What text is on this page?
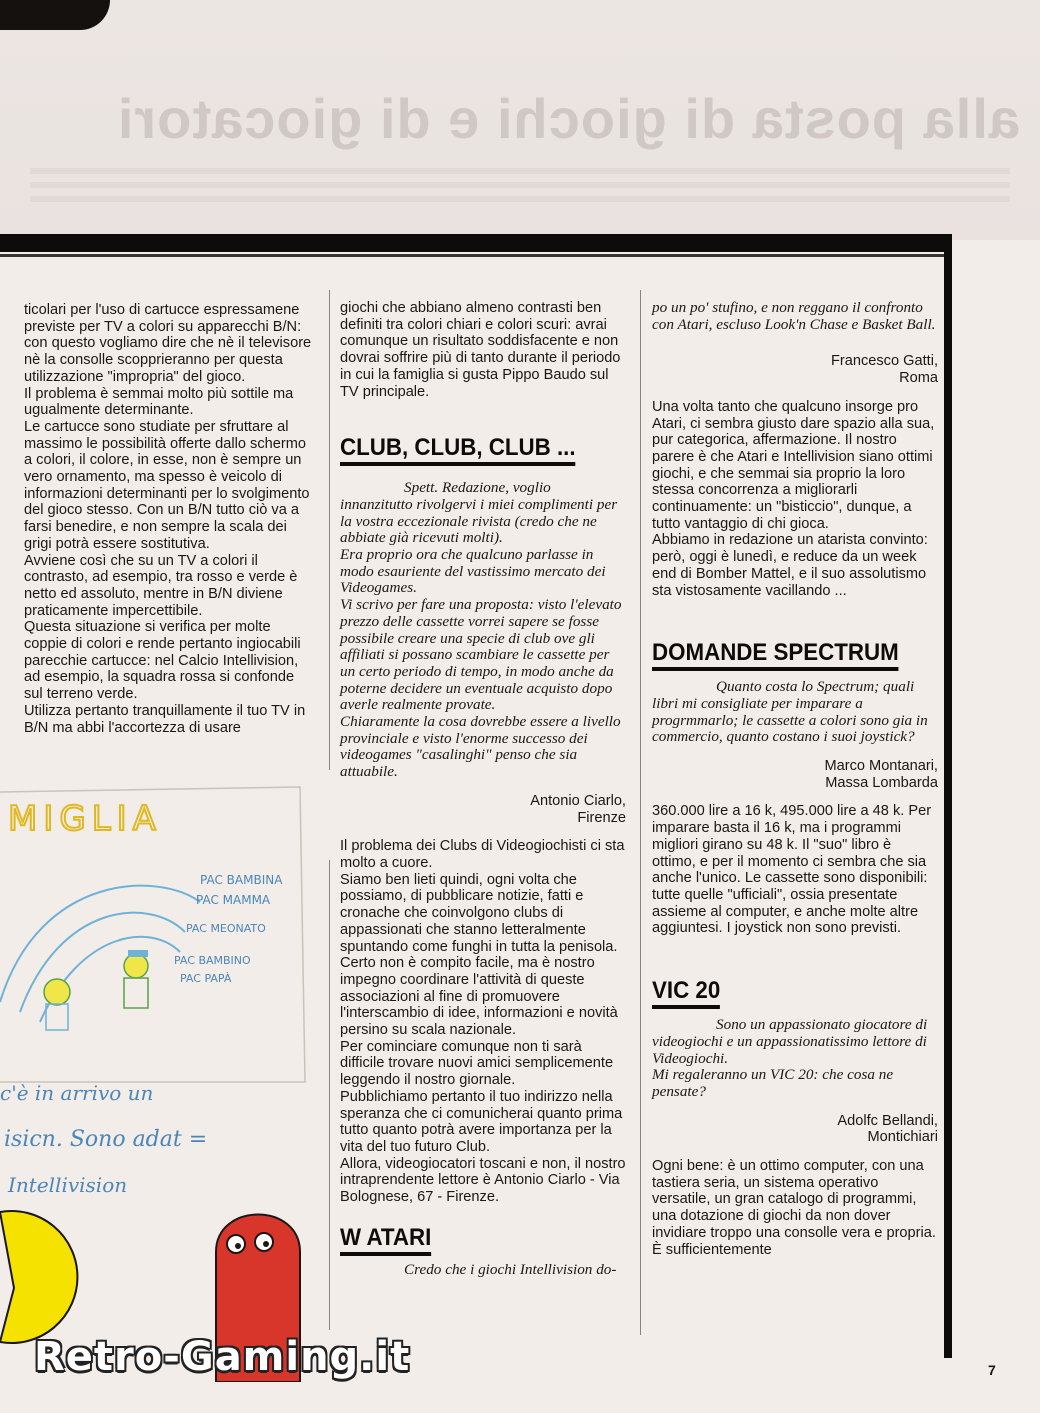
alla posta di giochi e di giocatori

ticolari per l'uso di cartucce espressamene previste per TV a colori su apparecchi B/N: con questo vogliamo dire che nè il televisore nè la consolle scopprieranno per questa utilizzazione "impropria" del gioco.

Il problema è semmai molto più sottile ma ugualmente determinante.

Le cartucce sono studiate per sfruttare al massimo le possibilità offerte dallo schermo a colori, il colore, in esse, non è sempre un vero ornamento, ma spesso è veicolo di informazioni determinanti per lo svolgimento del gioco stesso. Con un B/N tutto ciò va a farsi benedire, e non sempre la scala dei grigi potrà essere sostitutiva.

Avviene così che su un TV a colori il contrasto, ad esempio, tra rosso e verde è netto ed assoluto, mentre in B/N diviene praticamente impercettibile.

Questa situazione si verifica per molte coppie di colori e rende pertanto ingiocabili parecchie cartucce: nel Calcio Intellivision, ad esempio, la squadra rossa si confonde sul terreno verde.

Utilizza pertanto tranquillamente il tuo TV in B/N ma abbi l'accortezza di usare

giochi che abbiano almeno contrasti ben definiti tra colori chiari e colori scuri: avrai comunque un risultato soddisfacente e non dovrai soffrire più di tanto durante il periodo in cui la famiglia si gusta Pippo Baudo sul TV principale.

CLUB, CLUB, CLUB ...

Spett. Redazione, voglio innanzitutto rivolgervi i miei complimenti per la vostra eccezionale rivista (credo che ne abbiate già ricevuti molti).

Era proprio ora che qualcuno parlasse in modo esauriente del vastissimo mercato dei Videogames.

Vi scrivo per fare una proposta: visto l'elevato prezzo delle cassette vorrei sapere se fosse possibile creare una specie di club ove gli affiliati si possano scambiare le cassette per un certo periodo di tempo, in modo anche da poterne decidere un eventuale acquisto dopo averle realmente provate.

Chiaramente la cosa dovrebbe essere a livello provinciale e visto l'enorme successo dei videogames "casalinghi" penso che sia attuabile.

Antonio Ciarlo,
Firenze

Il problema dei Clubs di Videogiochisti ci sta molto a cuore.

Siamo ben lieti quindi, ogni volta che possiamo, di pubblicare notizie, fatti e cronache che coinvolgono clubs di appassionati che stanno letteralmente spuntando come funghi in tutta la penisola.

Certo non è compito facile, ma è nostro impegno coordinare l'attività di queste associazioni al fine di promuovere l'interscambio di idee, informazioni e novità persino su scala nazionale.

Per cominciare comunque non ti sarà difficile trovare nuovi amici semplicemente leggendo il nostro giornale.

Pubblichiamo pertanto il tuo indirizzo nella speranza che ci comunicherai quanto prima tutto quanto potrà avere importanza per la vita del tuo futuro Club.

Allora, videogiocatori toscani e non, il nostro intraprendente lettore è Antonio Ciarlo - Via Bolognese, 67 - Firenze.

W ATARI

Credo che i giochi Intellivision do-

po un po' stufino, e non reggano il confronto con Atari, escluso Look'n Chase e Basket Ball.

Francesco Gatti,
Roma

Una volta tanto che qualcuno insorge pro Atari, ci sembra giusto dare spazio alla sua, pur categorica, affermazione. Il nostro parere è che Atari e Intellivision siano ottimi giochi, e che semmai sia proprio la loro stessa concorrenza a migliorarli continuamente: un "bisticcio", dunque, a tutto vantaggio di chi gioca.

Abbiamo in redazione un atarista convinto: però, oggi è lunedì, e reduce da un week end di Bomber Mattel, e il suo assolutismo sta vistosamente vacillando ...

DOMANDE SPECTRUM

Quanto costa lo Spectrum; quali libri mi consigliate per imparare a progrmmarlo; le cassette a colori sono gia in commercio, quanto costano i suoi joystick?

Marco Montanari,
Massa Lombarda

360.000 lire a 16 k, 495.000 lire a 48 k. Per imparare basta il 16 k, ma i programmi migliori girano su 48 k. Il "suo" libro è ottimo, e per il momento ci sembra che sia anche l'unico. Le cassette sono disponibili: tutte quelle "ufficiali", ossia presentate assieme al computer, e anche molte altre aggiuntesi. I joystick non sono previsti.

VIC 20

Sono un appassionato giocatore di videogiochi e un appassionatissimo lettore di Videogiochi.

Mi regaleranno un VIC 20: che cosa ne pensate?

Adolfc Bellandi,
Montichiari

Ogni bene: è un ottimo computer, con una tastiera seria, un sistema operativo versatile, un gran catalogo di programmi, una dotazione di giochi da non dover invidiare troppo una consolle vera e propria. È sufficientemente

MIGLIA
PAC BAMBINA
PAC MAMMA
PAC MEONATO
PAC BAMBINO
PAC PAPÀ
c'è in arrivo un
isicn. Sono adat =
Intellivision
Retro-Gaming.it	7
